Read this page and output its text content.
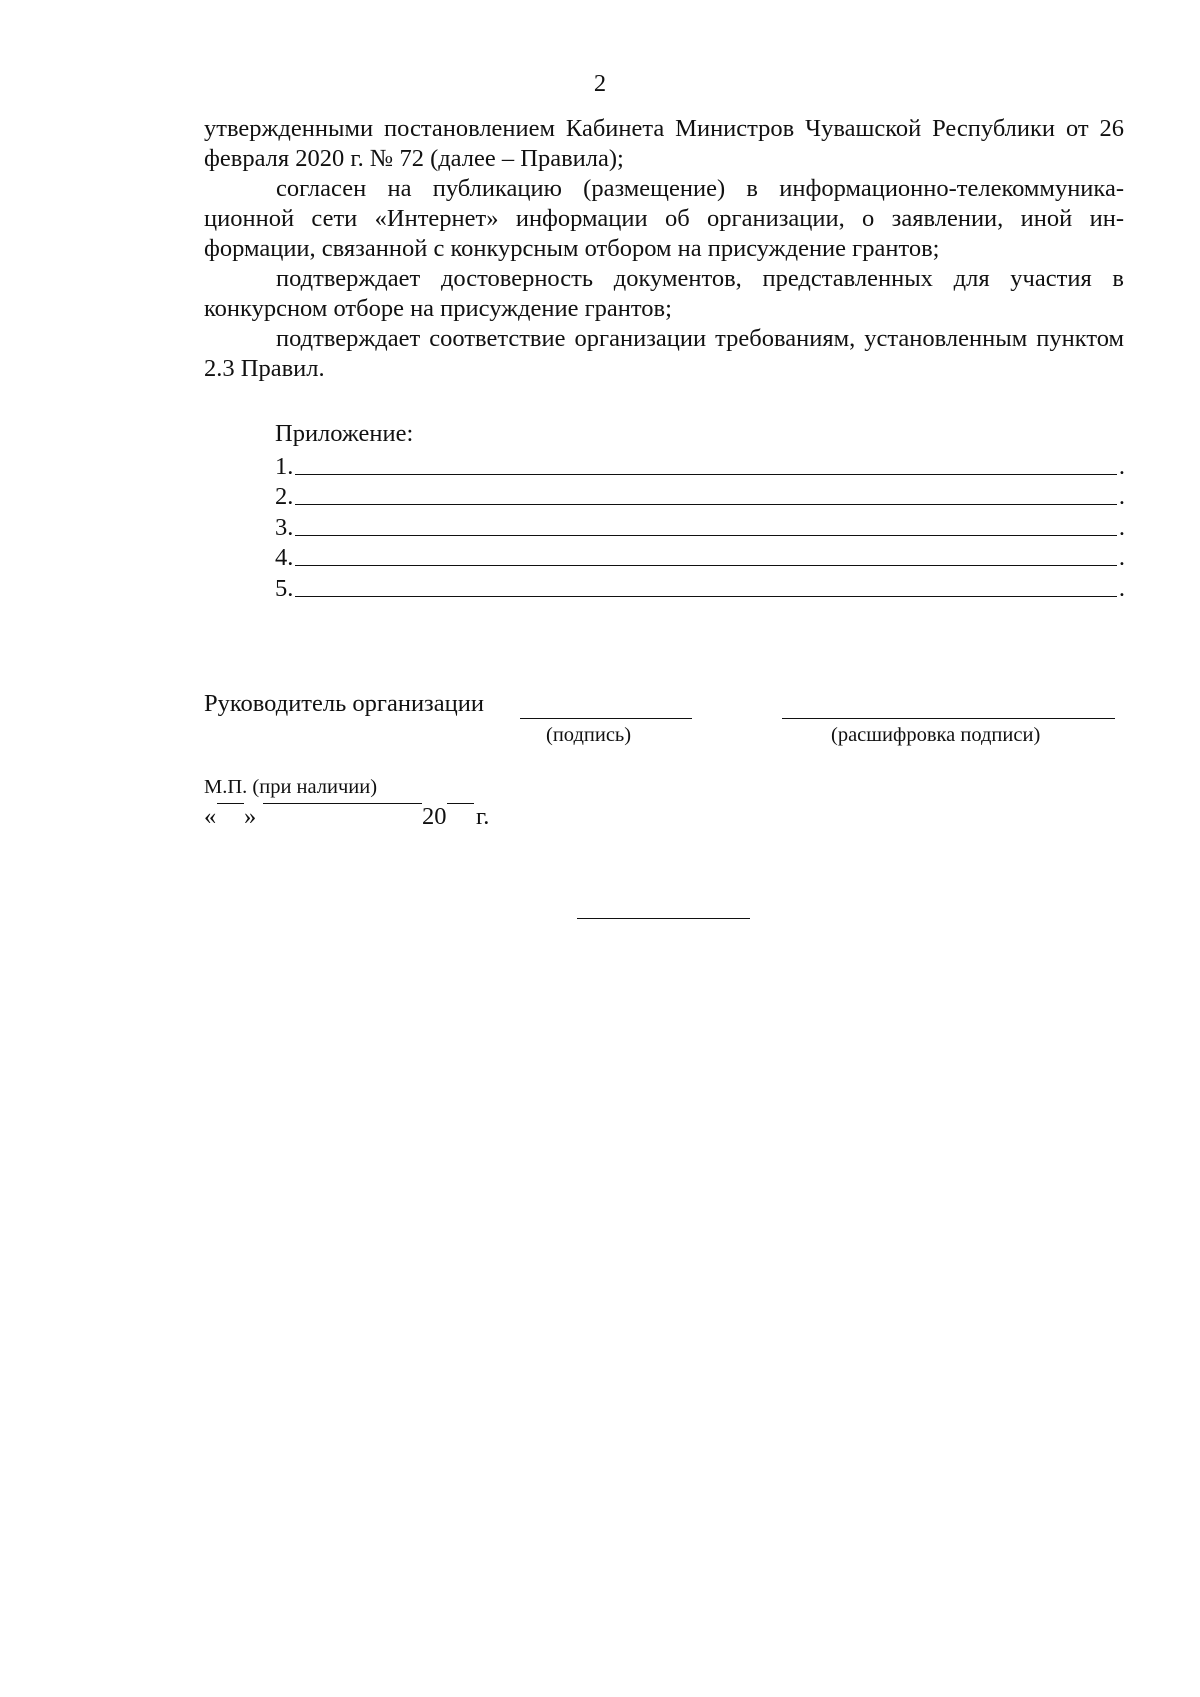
2

утвержденными постановлением Кабинета Министров Чувашской Республики от 26 февраля 2020 г. № 72 (далее – Правила);

согласен на публикацию (размещение) в информационно-телекоммуникационной сети «Интернет» информации об организации, о заявлении, иной информации, связанной с конкурсным отбором на присуждение грантов;

подтверждает достоверность документов, представленных для участия в конкурсном отборе на присуждение грантов;

подтверждает соответствие организации требованиям, установленным пунктом 2.3 Правил.

Приложение:
1.	.
2.	.
3.	.
4.	.
5.	.
Руководитель организации
(подпись)	(расшифровка подписи)
М.П. (при наличии)
« »	20 г.
